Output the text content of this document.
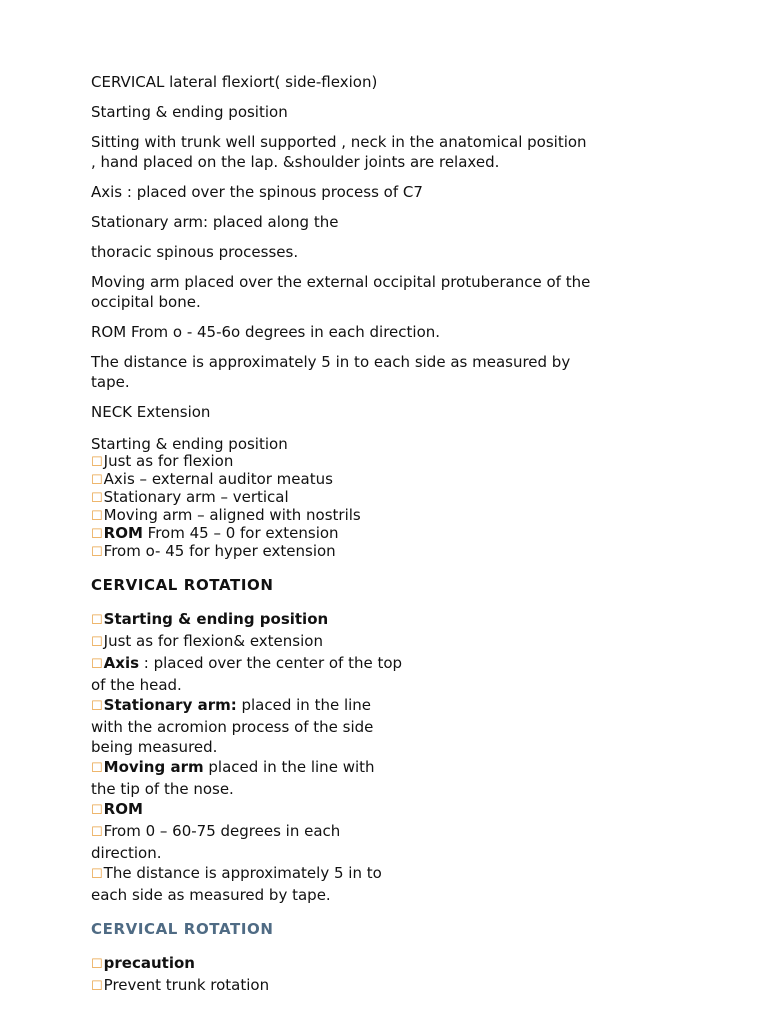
CERVICAL lateral flexiort( side-flexion)

Starting & ending position

Sitting with trunk well supported , neck in the anatomical position

, hand placed on the lap. &shoulder joints are relaxed.

Axis : placed over the spinous process of C7

Stationary arm: placed along the

thoracic spinous processes.

Moving arm placed over the external occipital protuberance of the

occipital bone.

ROM From o - 45-6o degrees in each direction.

The distance is approximately 5 in to each side as measured by

tape.

NECK Extension

Starting & ending position

☐Just as for flexion

☐Axis – external auditor meatus

☐Stationary arm – vertical

☐Moving arm – aligned with nostrils

☐ROM From 45 – 0 for extension

☐From o- 45 for hyper extension

CERVICAL ROTATION

☐Starting & ending position

☐Just as for flexion& extension

☐Axis : placed over the center of the top

of the head.

☐Stationary arm: placed in the line

with the acromion process of the side

being measured.

☐Moving arm placed in the line with

the tip of the nose.

☐ROM

☐From 0 – 60-75 degrees in each

direction.

☐The distance is approximately 5 in to

each side as measured by tape.

CERVICAL ROTATION

☐precaution

☐Prevent trunk rotation
